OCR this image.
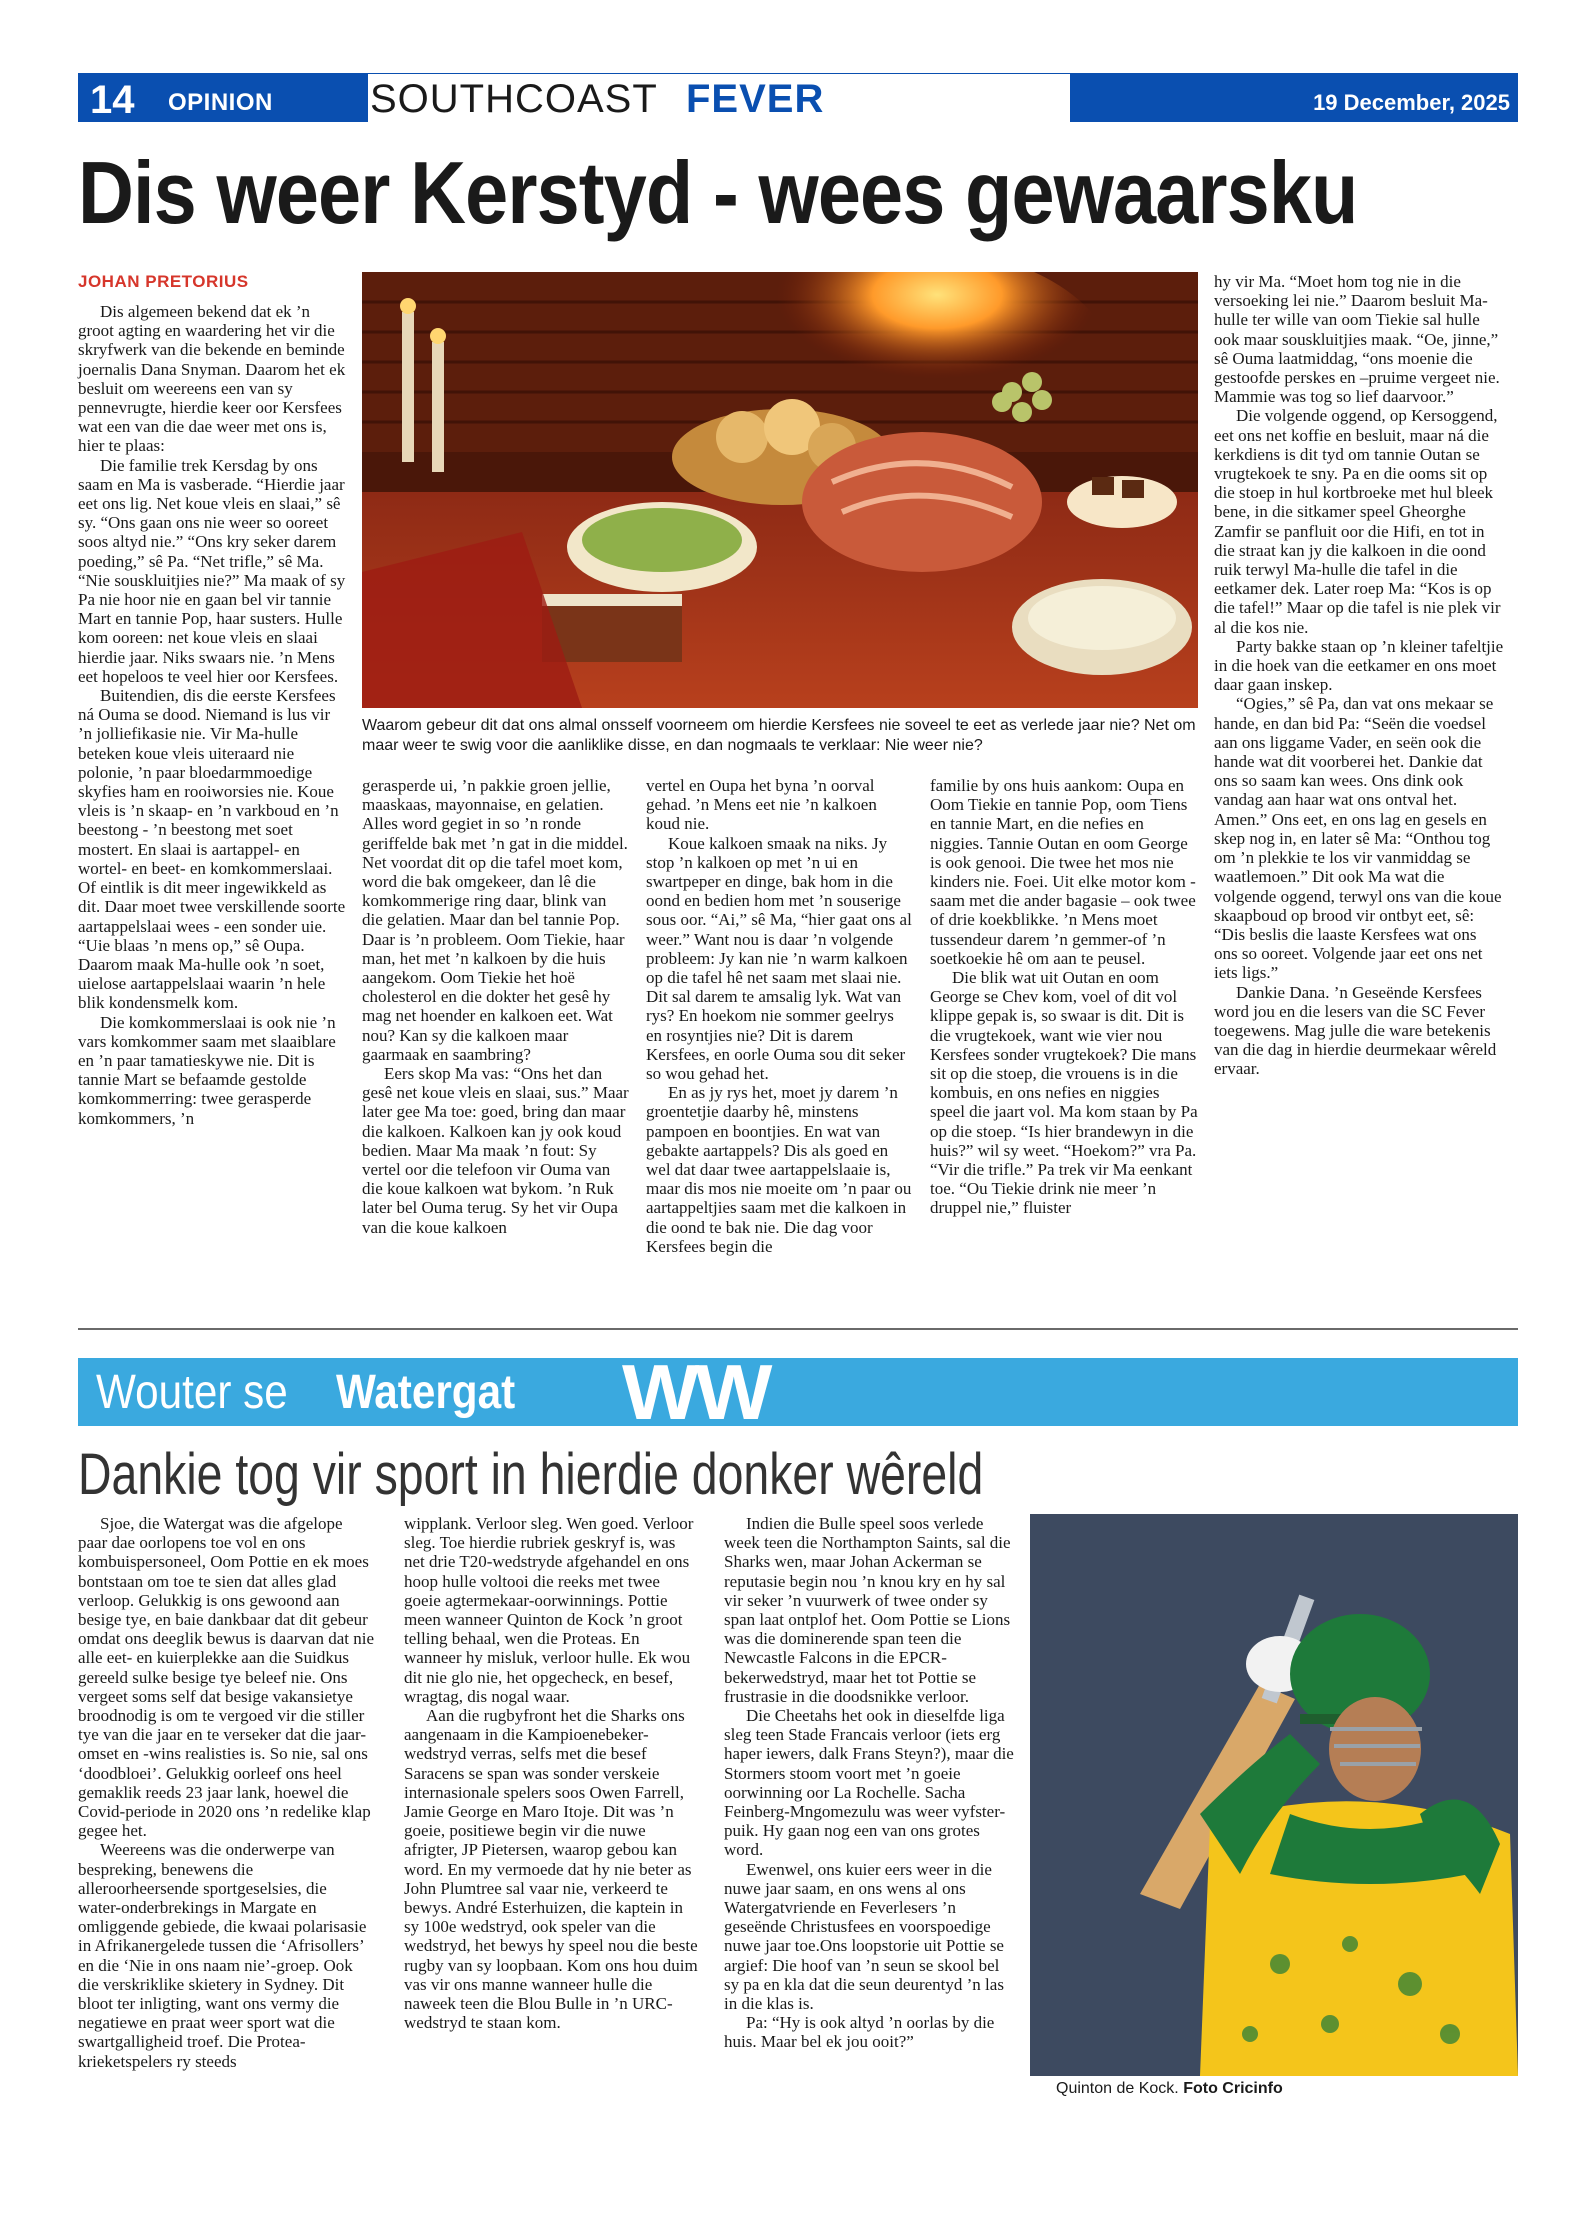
14 OPINION SOUTHCOAST FEVER	19 December, 2025
Dis weer Kerstyd - wees gewaarsku
JOHAN PRETORIUS

Dis algemeen bekend dat ek ’n groot agting en waardering het vir die skryfwerk van die bekende en beminde joernalis Dana Snyman. Daarom het ek besluit om weereens een van sy pennevrugte, hierdie keer oor Kersfees wat een van die dae weer met ons is, hier te plaas:

Die familie trek Kersdag by ons saam en Ma is vasberade. “Hierdie jaar eet ons lig. Net koue vleis en slaai,” sê sy. “Ons gaan ons nie weer so ooreet soos altyd nie.” “Ons kry seker darem poeding,” sê Pa. “Net trifle,” sê Ma. “Nie souskluitjies nie?” Ma maak of sy Pa nie hoor nie en gaan bel vir tannie Mart en tannie Pop, haar susters. Hulle kom ooreen: net koue vleis en slaai hierdie jaar. Niks swaars nie. ’n Mens eet hopeloos te veel hier oor Kersfees.

Buitendien, dis die eerste Kersfees ná Ouma se dood. Niemand is lus vir ’n jolliefikasie nie. Vir Ma-hulle beteken koue vleis uiteraard nie polonie, ’n paar bloedarmmoedige skyfies ham en rooiworsies nie. Koue vleis is ’n skaap- en ’n varkboud en ’n beestong - ’n beestong met soet mostert. En slaai is aartappel- en wortel- en beet- en komkommerslaai. Of eintlik is dit meer ingewikkeld as dit. Daar moet twee verskillende soorte aartappelslaai wees - een sonder uie. “Uie blaas ’n mens op,” sê Oupa. Daarom maak Ma-hulle ook ’n soet, uielose aartappelslaai waarin ’n hele blik kondensmelk kom.

Die komkommerslaai is ook nie ’n vars komkommer saam met slaaiblare en ’n paar tamatieskywe nie. Dit is tannie Mart se befaamde gestolde komkommerring: twee gerasperde komkommers, ’n

Waarom gebeur dit dat ons almal onsself voorneem om hierdie Kersfees nie soveel te eet as verlede jaar nie? Net om maar weer te swig voor die aanliklike disse, en dan nogmaals te verklaar: Nie weer nie?

gerasperde ui, ’n pakkie groen jellie, maaskaas, mayonnaise, en gelatien. Alles word gegiet in so ’n ronde geriffelde bak met ’n gat in die middel. Net voordat dit op die tafel moet kom, word die bak omgekeer, dan lê die komkommerige ring daar, blink van die gelatien. Maar dan bel tannie Pop. Daar is ’n probleem. Oom Tiekie, haar man, het met ’n kalkoen by die huis aangekom. Oom Tiekie het hoë cholesterol en die dokter het gesê hy mag net hoender en kalkoen eet. Wat nou? Kan sy die kalkoen maar gaarmaak en saambring?

Eers skop Ma vas: “Ons het dan gesê net koue vleis en slaai, sus.” Maar later gee Ma toe: goed, bring dan maar die kalkoen. Kalkoen kan jy ook koud bedien. Maar Ma maak ’n fout: Sy vertel oor die telefoon vir Ouma van die koue kalkoen wat bykom. ’n Ruk later bel Ouma terug. Sy het vir Oupa van die koue kalkoen

vertel en Oupa het byna ’n oorval gehad. ’n Mens eet nie ’n kalkoen koud nie.

Koue kalkoen smaak na niks. Jy stop ’n kalkoen op met ’n ui en swartpeper en dinge, bak hom in die oond en bedien hom met ’n souserige sous oor. “Ai,” sê Ma, “hier gaat ons al weer.” Want nou is daar ’n volgende probleem: Jy kan nie ’n warm kalkoen op die tafel hê net saam met slaai nie. Dit sal darem te amsalig lyk. Wat van rys? En hoekom nie sommer geelrys en rosyntjies nie? Dit is darem Kersfees, en oorle Ouma sou dit seker so wou gehad het.

En as jy rys het, moet jy darem ’n groentetjie daarby hê, minstens pampoen en boontjies. En wat van gebakte aartappels? Dis als goed en wel dat daar twee aartappelslaaie is, maar dis mos nie moeite om ’n paar ou aartappeltjies saam met die kalkoen in die oond te bak nie. Die dag voor Kersfees begin die

familie by ons huis aankom: Oupa en Oom Tiekie en tannie Pop, oom Tiens en tannie Mart, en die nefies en niggies. Tannie Outan en oom George is ook genooi. Die twee het mos nie kinders nie. Foei. Uit elke motor kom - saam met die ander bagasie – ook twee of drie koekblikke. ’n Mens moet tussendeur darem ’n gemmer-of ’n soetkoekie hê om aan te peusel.

Die blik wat uit Outan en oom George se Chev kom, voel of dit vol klippe gepak is, so swaar is dit. Dit is die vrugtekoek, want wie vier nou Kersfees sonder vrugtekoek? Die mans sit op die stoep, die vrouens is in die kombuis, en ons nefies en niggies speel die jaart vol. Ma kom staan by Pa op die stoep. “Is hier brandewyn in die huis?” wil sy weet. “Hoekom?” vra Pa. “Vir die trifle.” Pa trek vir Ma eenkant toe. “Ou Tiekie drink nie meer ’n druppel nie,” fluister

hy vir Ma. “Moet hom tog nie in die versoeking lei nie.” Daarom besluit Ma-hulle ter wille van oom Tiekie sal hulle ook maar souskluitjies maak. “Oe, jinne,” sê Ouma laatmiddag, “ons moenie die gestoofde perskes en –pruime vergeet nie. Mammie was tog so lief daarvoor.”

Die volgende oggend, op Kersoggend, eet ons net koffie en besluit, maar ná die kerkdiens is dit tyd om tannie Outan se vrugtekoek te sny. Pa en die ooms sit op die stoep in hul kortbroeke met hul bleek bene, in die sitkamer speel Gheorghe Zamfir se panfluit oor die Hifi, en tot in die straat kan jy die kalkoen in die oond ruik terwyl Ma-hulle die tafel in die eetkamer dek. Later roep Ma: “Kos is op die tafel!” Maar op die tafel is nie plek vir al die kos nie.

Party bakke staan op ’n kleiner tafeltjie in die hoek van die eetkamer en ons moet daar gaan inskep.

“Ogies,” sê Pa, dan vat ons mekaar se hande, en dan bid Pa: “Seën die voedsel aan ons liggame Vader, en seën ook die hande wat dit voorberei het. Dankie dat ons so saam kan wees. Ons dink ook vandag aan haar wat ons ontval het. Amen.” Ons eet, en ons lag en gesels en skep nog in, en later sê Ma: “Onthou tog om ’n plekkie te los vir vanmiddag se waatlemoen.” Dit ook Ma wat die volgende oggend, terwyl ons van die koue skaapboud op brood vir ontbyt eet, sê: “Dis beslis die laaste Kersfees wat ons ons so ooreet. Volgende jaar eet ons net iets ligs.”

Dankie Dana. ’n Geseënde Kersfees word jou en die lesers van die SC Fever toegewens. Mag julle die ware betekenis van die dag in hierdie deurmekaar wêreld ervaar.

Wouter se Watergat WW
Dankie tog vir sport in hierdie donker wêreld

Sjoe, die Watergat was die afgelope paar dae oorlopens toe vol en ons kombuispersoneel, Oom Pottie en ek moes bontstaan om toe te sien dat alles glad verloop. Gelukkig is ons gewoond aan besige tye, en baie dankbaar dat dit gebeur omdat ons deeglik bewus is daarvan dat nie alle eet- en kuierplekke aan die Suidkus gereeld sulke besige tye beleef nie. Ons vergeet soms self dat besige vakansietye broodnodig is om te vergoed vir die stiller tye van die jaar en te verseker dat die jaar-omset en -wins realisties is. So nie, sal ons ‘doodbloei’. Gelukkig oorleef ons heel gemaklik reeds 23 jaar lank, hoewel die Covid-periode in 2020 ons ’n redelike klap gegee het.

Weereens was die onderwerpe van bespreking, benewens die alleroorheersende sportgeselsies, die water-onderbrekings in Margate en omliggende gebiede, die kwaai polarisasie in Afrikanergelede tussen die ‘Afrisollers’ en die ‘Nie in ons naam nie’-groep. Ook die verskriklike skietery in Sydney. Dit bloot ter inligting, want ons vermy die negatiewe en praat weer sport wat die swartgalligheid troef. Die Protea-krieketspelers ry steeds

wipplank. Verloor sleg. Wen goed. Verloor sleg. Toe hierdie rubriek geskryf is, was net drie T20-wedstryde afgehandel en ons hoop hulle voltooi die reeks met twee goeie agtermekaar-oorwinnings. Pottie meen wanneer Quinton de Kock ’n groot telling behaal, wen die Proteas. En wanneer hy misluk, verloor hulle. Ek wou dit nie glo nie, het opgecheck, en besef, wragtag, dis nogal waar.

Aan die rugbyfront het die Sharks ons aangenaam in die Kampioenebeker-wedstryd verras, selfs met die besef Saracens se span was sonder verskeie internasionale spelers soos Owen Farrell, Jamie George en Maro Itoje. Dit was ’n goeie, positiewe begin vir die nuwe afrigter, JP Pietersen, waarop gebou kan word. En my vermoede dat hy nie beter as John Plumtree sal vaar nie, verkeerd te bewys. André Esterhuizen, die kaptein in sy 100e wedstryd, ook speler van die wedstryd, het bewys hy speel nou die beste rugby van sy loopbaan. Kom ons hou duim vas vir ons manne wanneer hulle die naweek teen die Blou Bulle in ’n URC-wedstryd te staan kom.

Indien die Bulle speel soos verlede week teen die Northampton Saints, sal die Sharks wen, maar Johan Ackerman se reputasie begin nou ’n knou kry en hy sal vir seker ’n vuurwerk of twee onder sy span laat ontplof het. Oom Pottie se Lions was die dominerende span teen die Newcastle Falcons in die EPCR-bekerwedstryd, maar het tot Pottie se frustrasie in die doodsnikke verloor.

Die Cheetahs het ook in dieselfde liga sleg teen Stade Francais verloor (iets erg haper iewers, dalk Frans Steyn?), maar die Stormers stoom voort met ’n goeie oorwinning oor La Rochelle. Sacha Feinberg-Mngomezulu was weer vyfster-puik. Hy gaan nog een van ons grotes word.

Ewenwel, ons kuier eers weer in die nuwe jaar saam, en ons wens al ons Watergatvriende en Feverlesers ’n geseënde Christusfees en voorspoedige nuwe jaar toe.Ons loopstorie uit Pottie se argief: Die hoof van ’n seun se skool bel sy pa en kla dat die seun deurentyd ’n las in die klas is.

Pa: “Hy is ook altyd ’n oorlas by die huis. Maar bel ek jou ooit?”

Quinton de Kock. Foto Cricinfo
